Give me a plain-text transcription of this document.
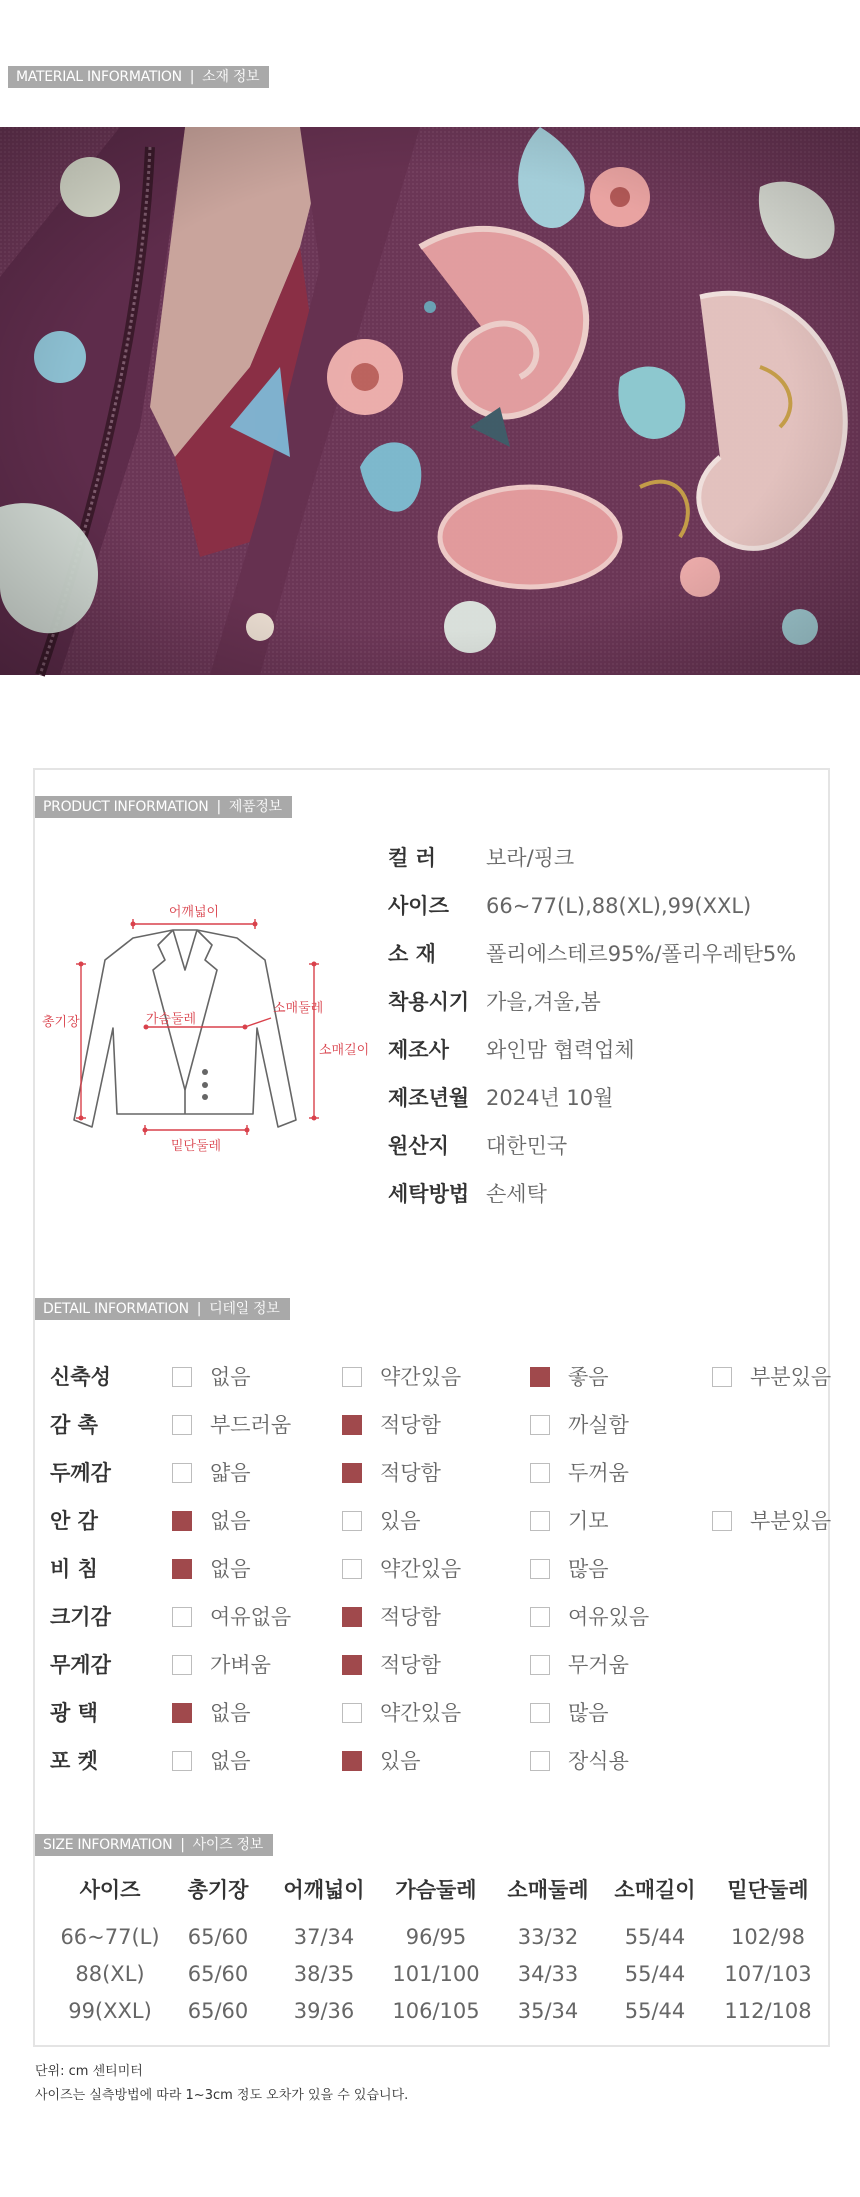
MATERIAL INFORMATION | 소재 정보
PRODUCT INFORMATION | 제품정보
어깨넓이
총기장	가슴둘레
소매둘레
소매길이
밑단둘레
컬 러	보라/핑크
사이즈	66~77(L),88(XL),99(XXL)
소 재	폴리에스테르95%/폴리우레탄5%
착용시기 가을,겨울,봄
제조사	와인맘 협력업체
제조년월 2024년 10월
원산지	대한민국
세탁방법 손세탁
DETAIL INFORMATION | 디테일 정보
신축성	없음	약간있음	좋음	부분있음
감 촉	부드러움	적당함	까실함
두께감	얇음	적당함	두꺼움
안 감	없음	있음	기모	부분있음
비 침	없음	약간있음	많음
크기감	여유없음	적당함	여유있음
무게감	가벼움	적당함	무거움
광 택	없음	약간있음	많음
포 켓	없음	있음	장식용
SIZE INFORMATION | 사이즈 정보
사이즈	총기장	어깨넓이	가슴둘레	소매둘레	소매길이	밑단둘레
66~77(L)	65/60	37/34	96/95	33/32	55/44	102/98
88(XL)	65/60	38/35	101/100	34/33	55/44	107/103
99(XXL)	65/60	39/36	106/105	35/34	55/44	112/108
단위: cm 센티미터
사이즈는 실측방법에 따라 1~3cm 정도 오차가 있을 수 있습니다.
